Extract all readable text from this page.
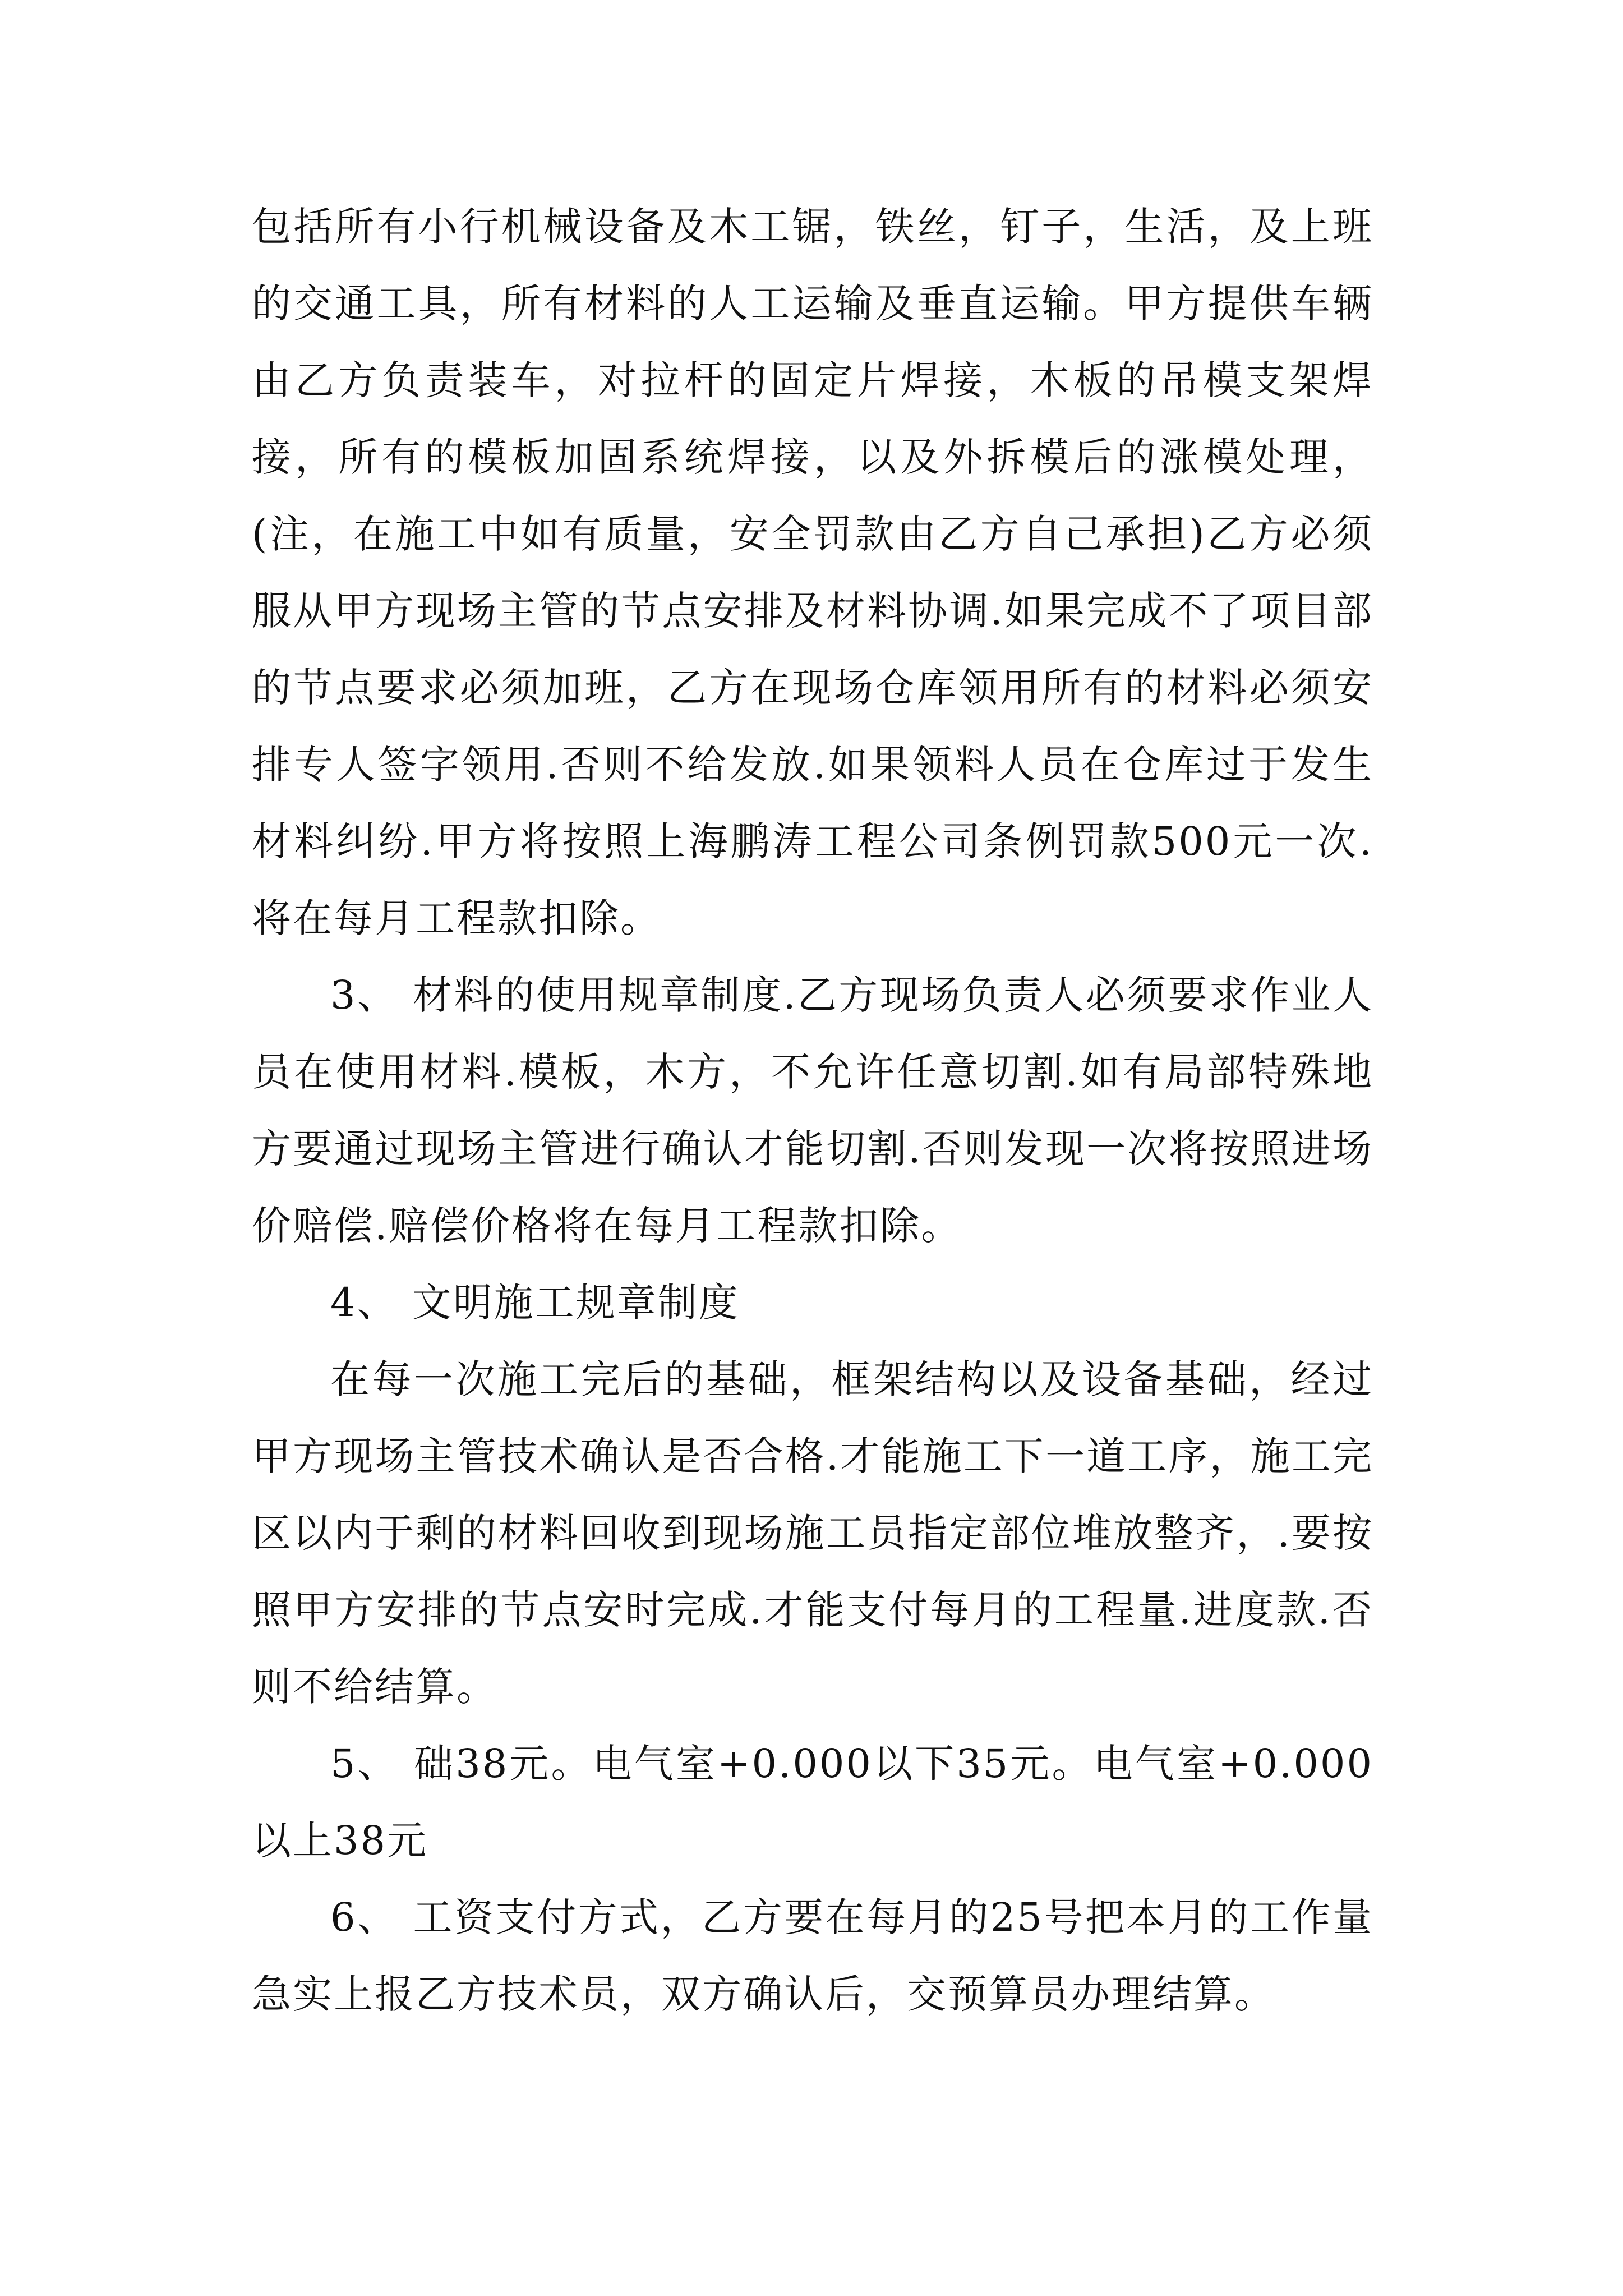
包括所有小行机械设备及木工锯，铁丝，钉子，生活，及上班的交通工具，所有材料的人工运输及垂直运输。甲方提供车辆由乙方负责装车，对拉杆的固定片焊接，木板的吊模支架焊接，所有的模板加固系统焊接，以及外拆模后的涨模处理，(注，在施工中如有质量，安全罚款由乙方自己承担)乙方必须服从甲方现场主管的节点安排及材料协调.如果完成不了项目部的节点要求必须加班，乙方在现场仓库领用所有的材料必须安排专人签字领用.否则不给发放.如果领料人员在仓库过于发生材料纠纷.甲方将按照上海鹏涛工程公司条例罚款500元一次.将在每月工程款扣除。

3、 材料的使用规章制度.乙方现场负责人必须要求作业人员在使用材料.模板，木方，不允许任意切割.如有局部特殊地方要通过现场主管进行确认才能切割.否则发现一次将按照进场价赔偿.赔偿价格将在每月工程款扣除。

4、 文明施工规章制度

在每一次施工完后的基础，框架结构以及设备基础，经过甲方现场主管技术确认是否合格.才能施工下一道工序，施工完区以内于剩的材料回收到现场施工员指定部位堆放整齐，.要按照甲方安排的节点安时完成.才能支付每月的工程量.进度款.否则不给结算。

5、 础38元。电气室+0.000以下35元。电气室+0.000以上38元

6、 工资支付方式，乙方要在每月的25号把本月的工作量急实上报乙方技术员，双方确认后，交预算员办理结算。
